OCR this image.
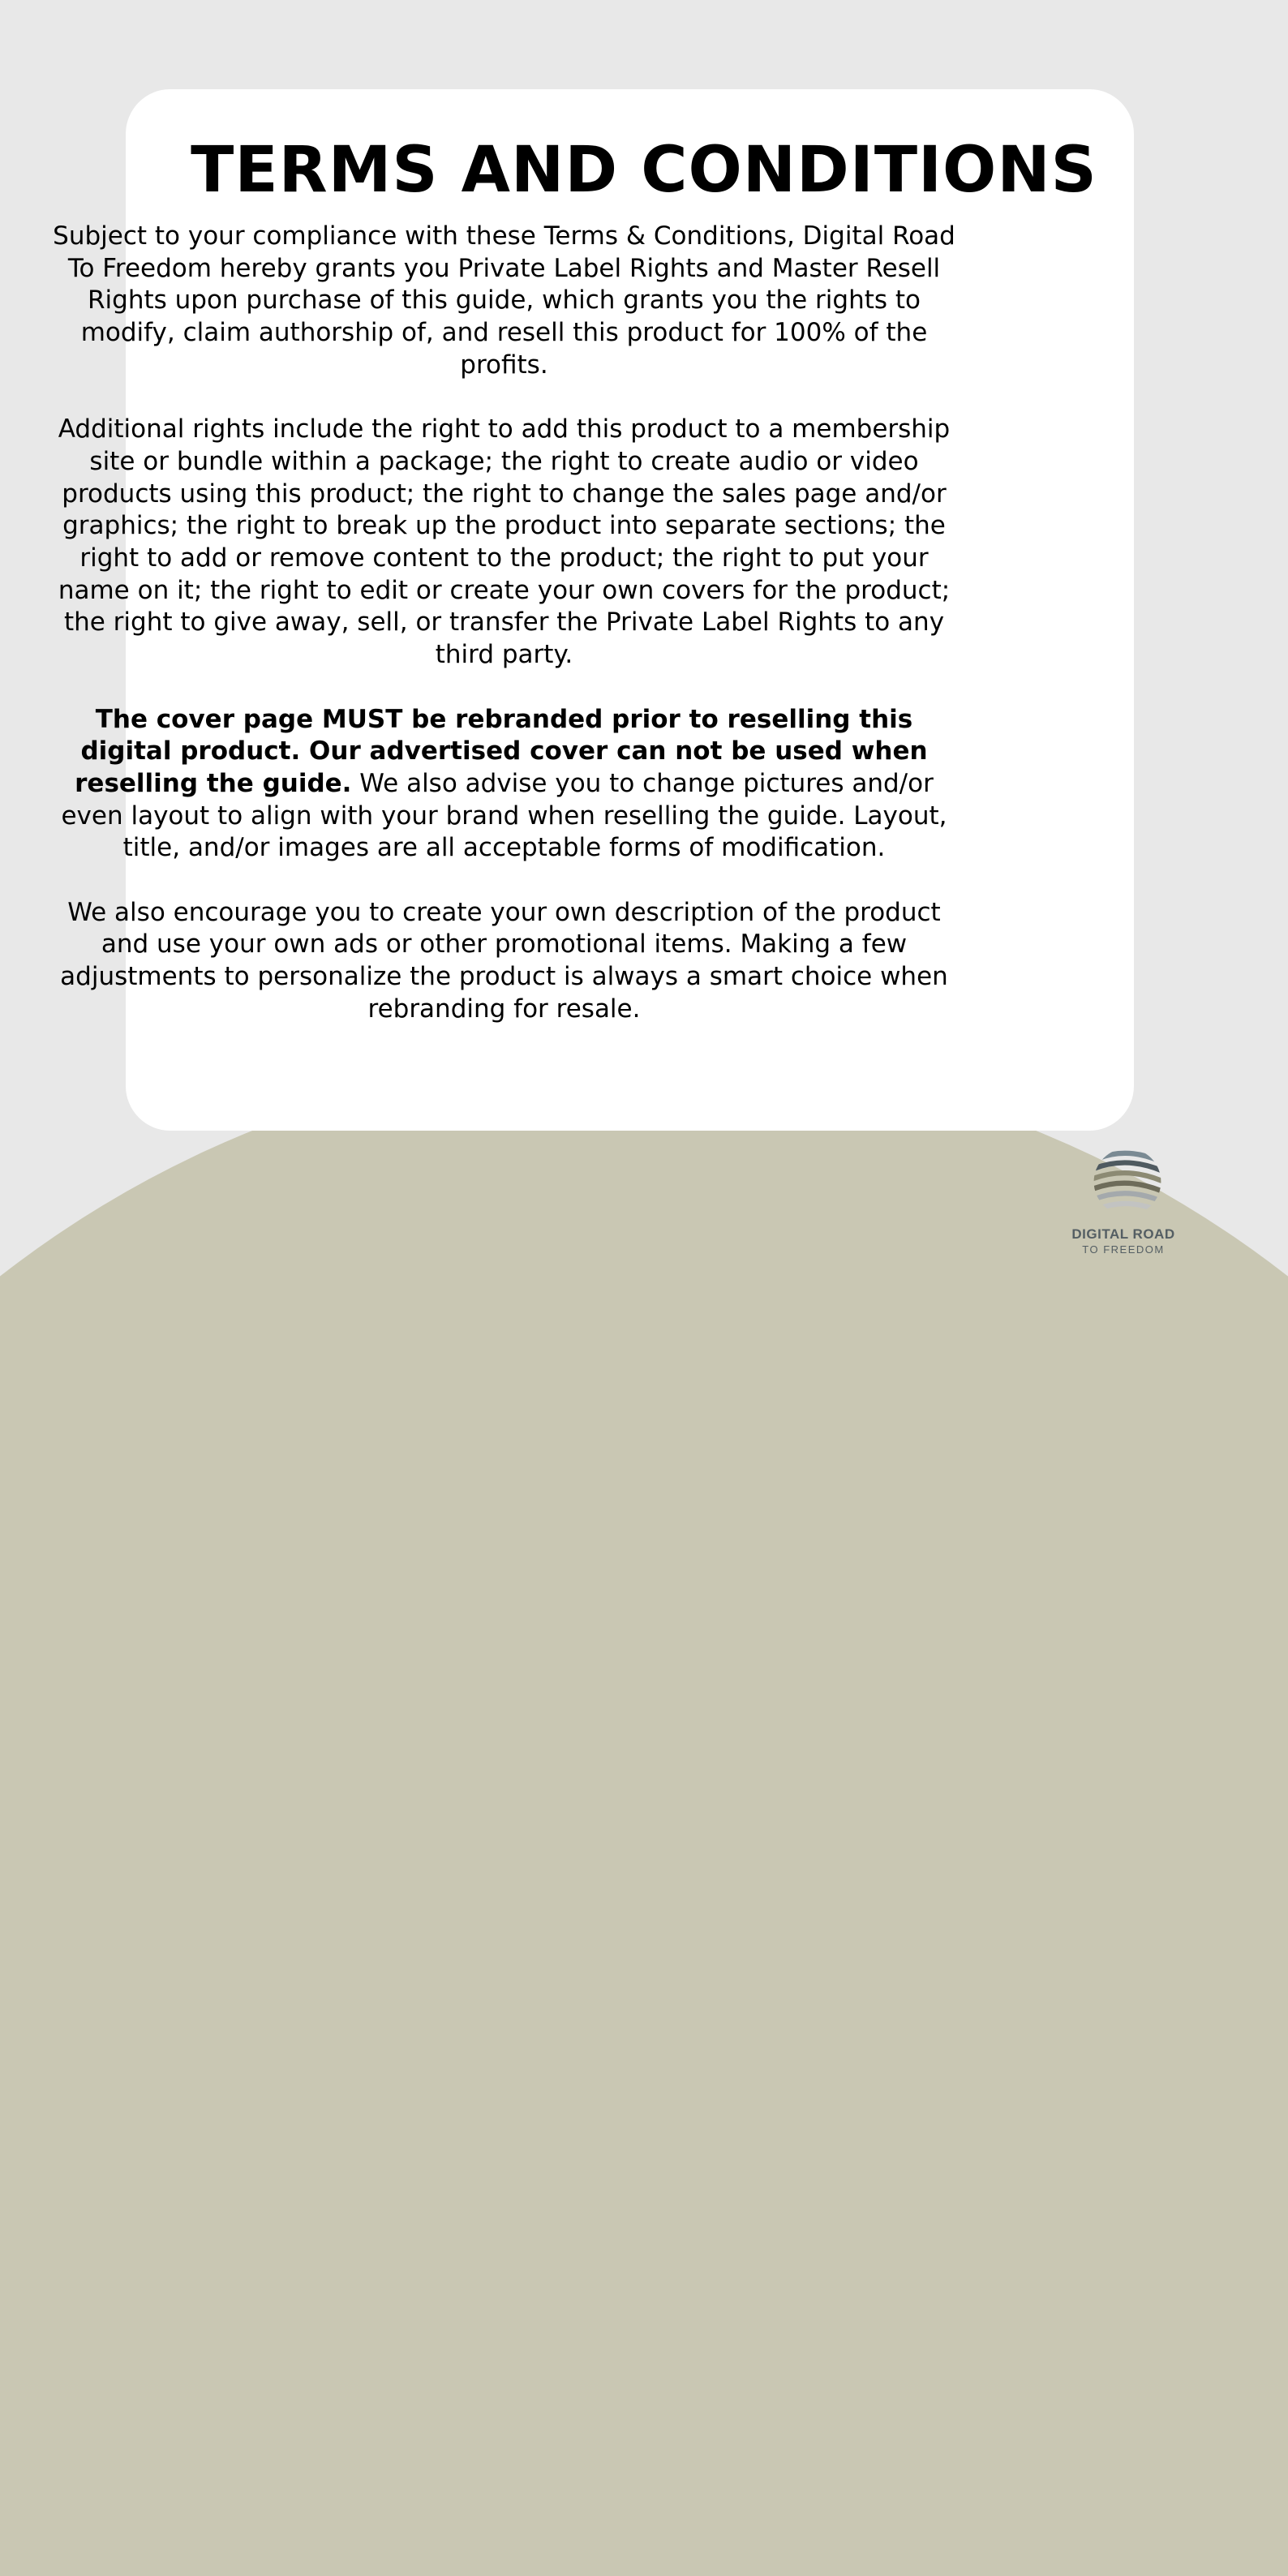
TERMS AND CONDITIONS

Subject to your compliance with these Terms & Conditions, Digital Road To Freedom hereby grants you Private Label Rights and Master Resell Rights upon purchase of this guide, which grants you the rights to modify, claim authorship of, and resell this product for 100% of the profits.

Additional rights include the right to add this product to a membership site or bundle within a package; the right to create audio or video products using this product; the right to change the sales page and/or graphics; the right to break up the product into separate sections; the right to add or remove content to the product; the right to put your name on it; the right to edit or create your own covers for the product; the right to give away, sell, or transfer the Private Label Rights to any third party.

The cover page MUST be rebranded prior to reselling this digital product. Our advertised cover can not be used when reselling the guide. We also advise you to change pictures and/or even layout to align with your brand when reselling the guide. Layout, title, and/or images are all acceptable forms of modification.

We also encourage you to create your own description of the product and use your own ads or other promotional items. Making a few adjustments to personalize the product is always a smart choice when rebranding for resale.

DIGITAL ROAD
TO FREEDOM
